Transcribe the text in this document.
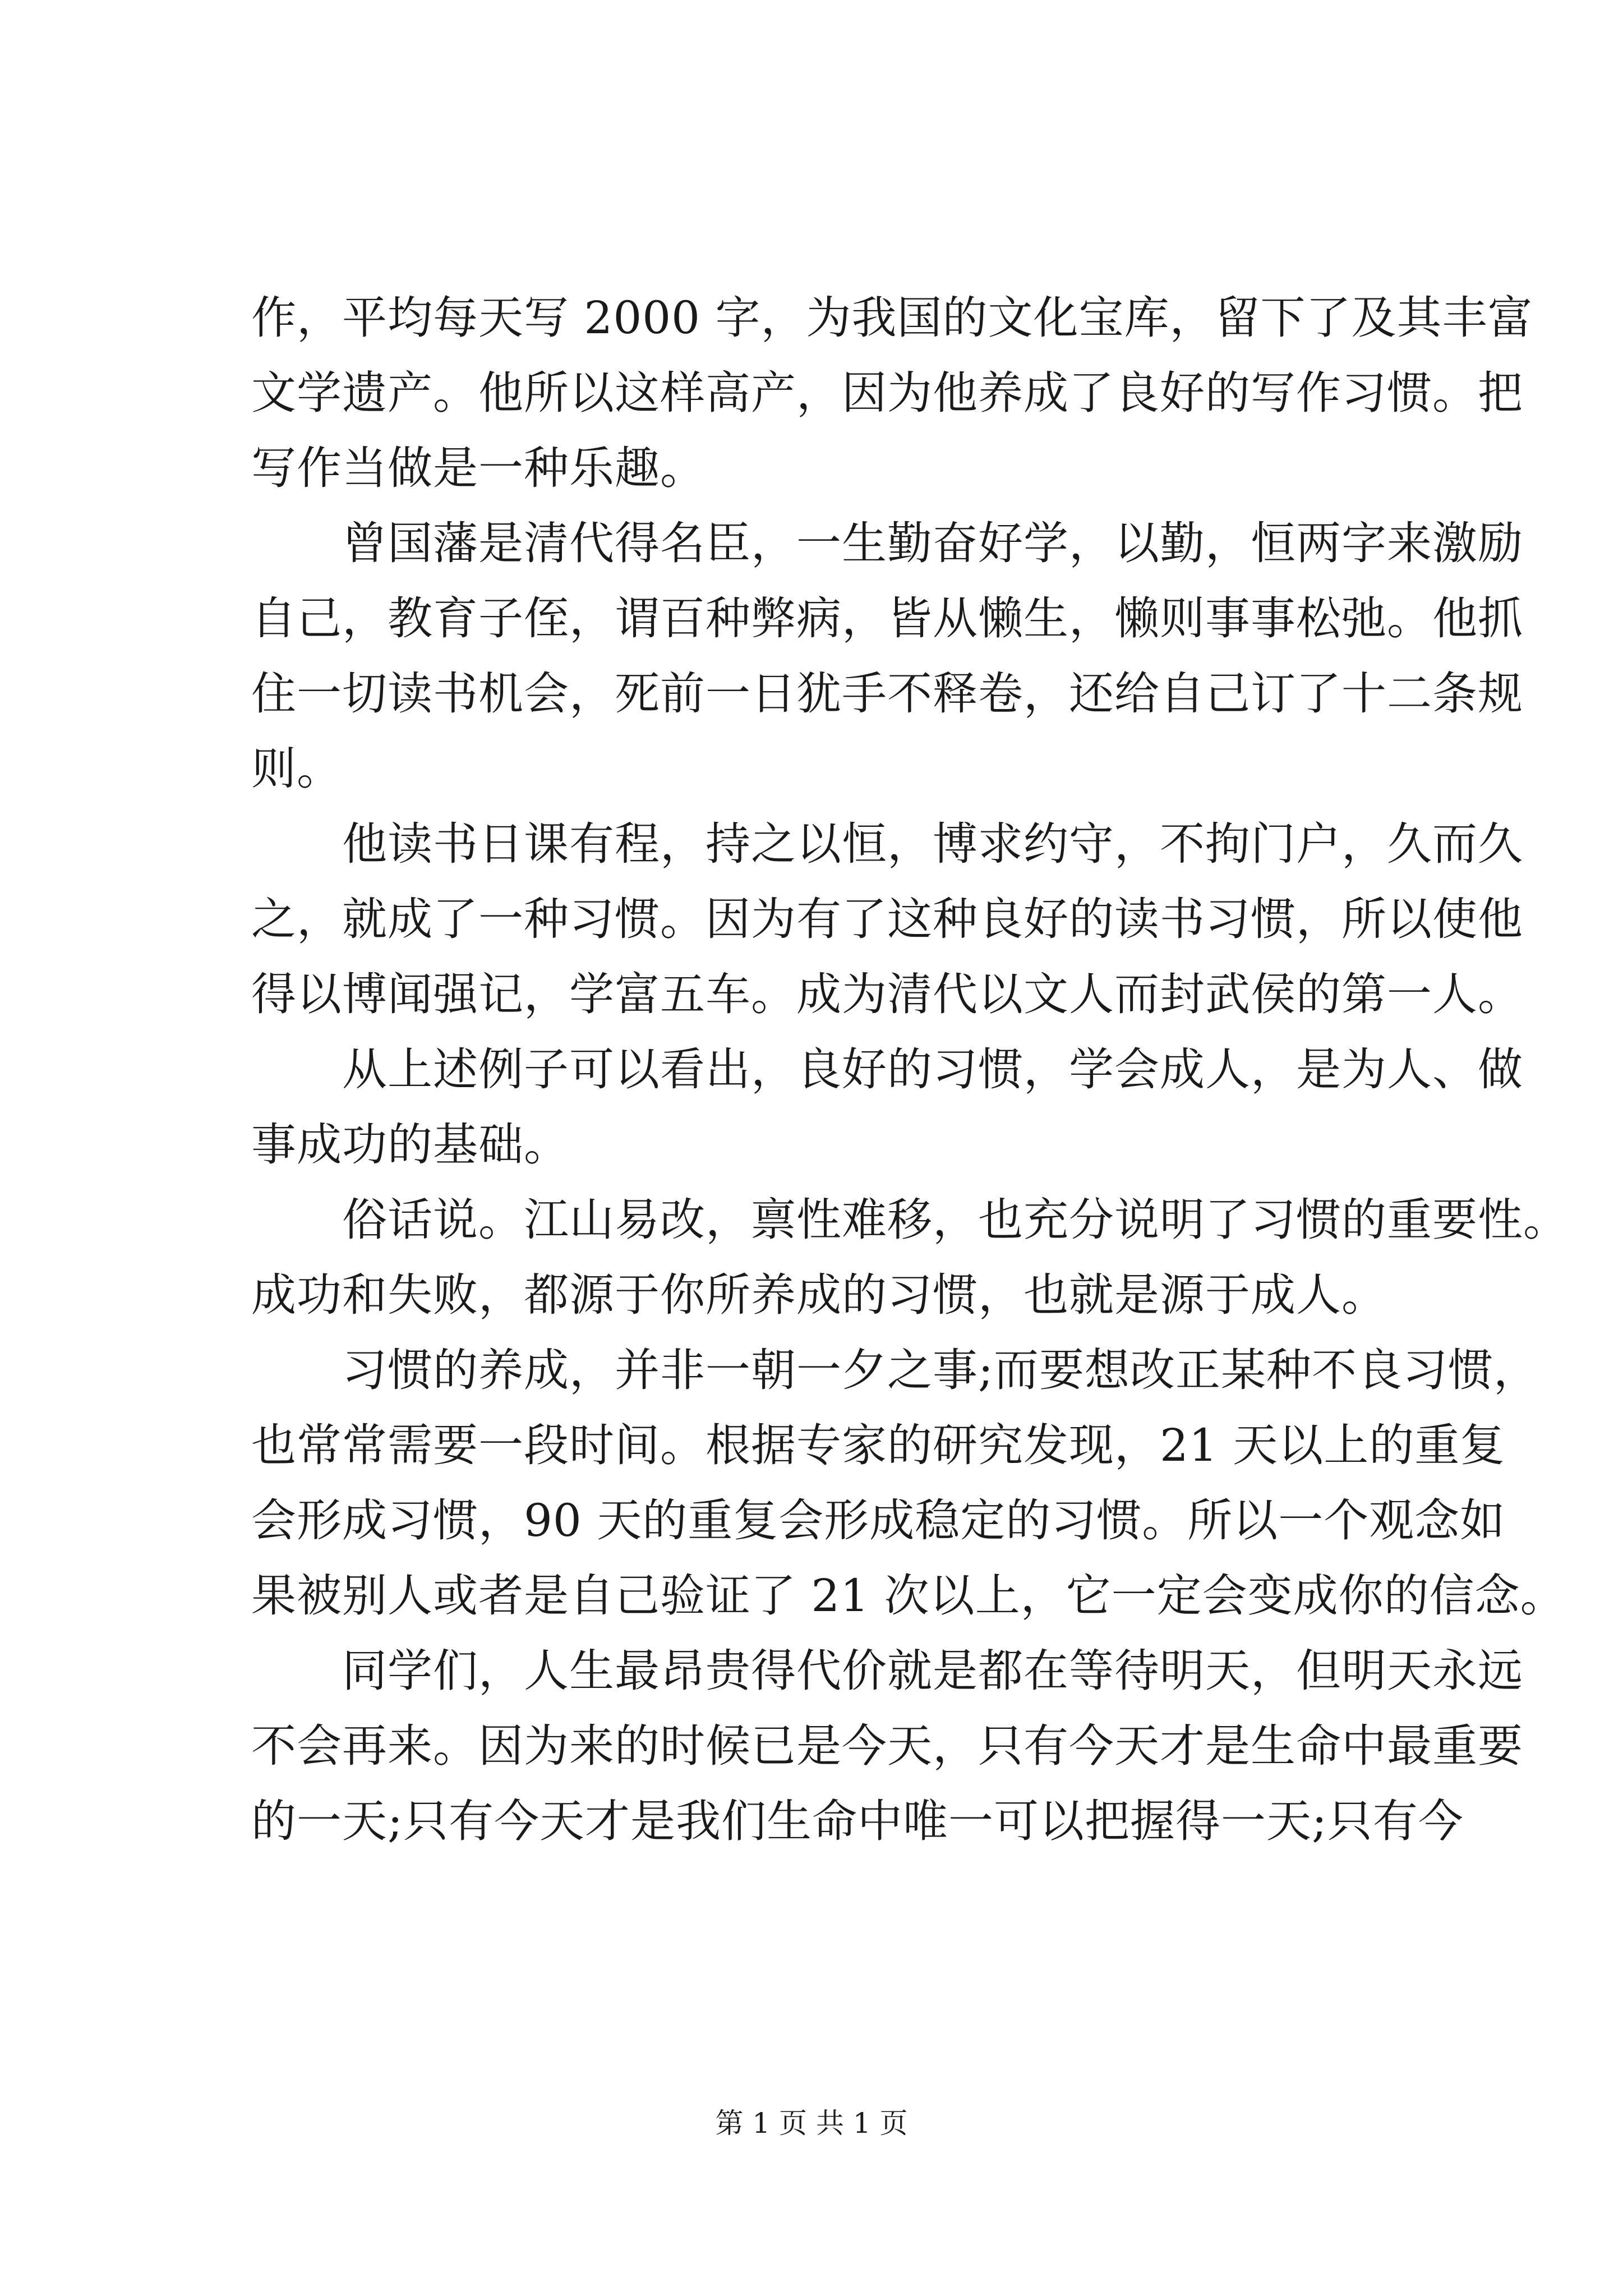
作，平均每天写 2000 字，为我国的文化宝库，留下了及其丰富
文学遗产。他所以这样高产，因为他养成了良好的写作习惯。把
写作当做是一种乐趣。
曾国藩是清代得名臣，一生勤奋好学，以勤，恒两字来激励
自己，教育子侄，谓百种弊病，皆从懒生，懒则事事松弛。他抓
住一切读书机会，死前一日犹手不释卷，还给自己订了十二条规
则。
他读书日课有程，持之以恒，博求约守，不拘门户，久而久
之，就成了一种习惯。因为有了这种良好的读书习惯，所以使他
得以博闻强记，学富五车。成为清代以文人而封武侯的第一人。
从上述例子可以看出，良好的习惯，学会成人，是为人、做
事成功的基础。
俗话说。江山易改，禀性难移，也充分说明了习惯的重要性。
成功和失败，都源于你所养成的习惯，也就是源于成人。
习惯的养成，并非一朝一夕之事;而要想改正某种不良习惯，
也常常需要一段时间。根据专家的研究发现，21 天以上的重复
会形成习惯，90 天的重复会形成稳定的习惯。所以一个观念如
果被别人或者是自己验证了 21 次以上，它一定会变成你的信念。
同学们，人生最昂贵得代价就是都在等待明天，但明天永远
不会再来。因为来的时候已是今天，只有今天才是生命中最重要
的一天;只有今天才是我们生命中唯一可以把握得一天;只有今
第 1 页 共 1 页
